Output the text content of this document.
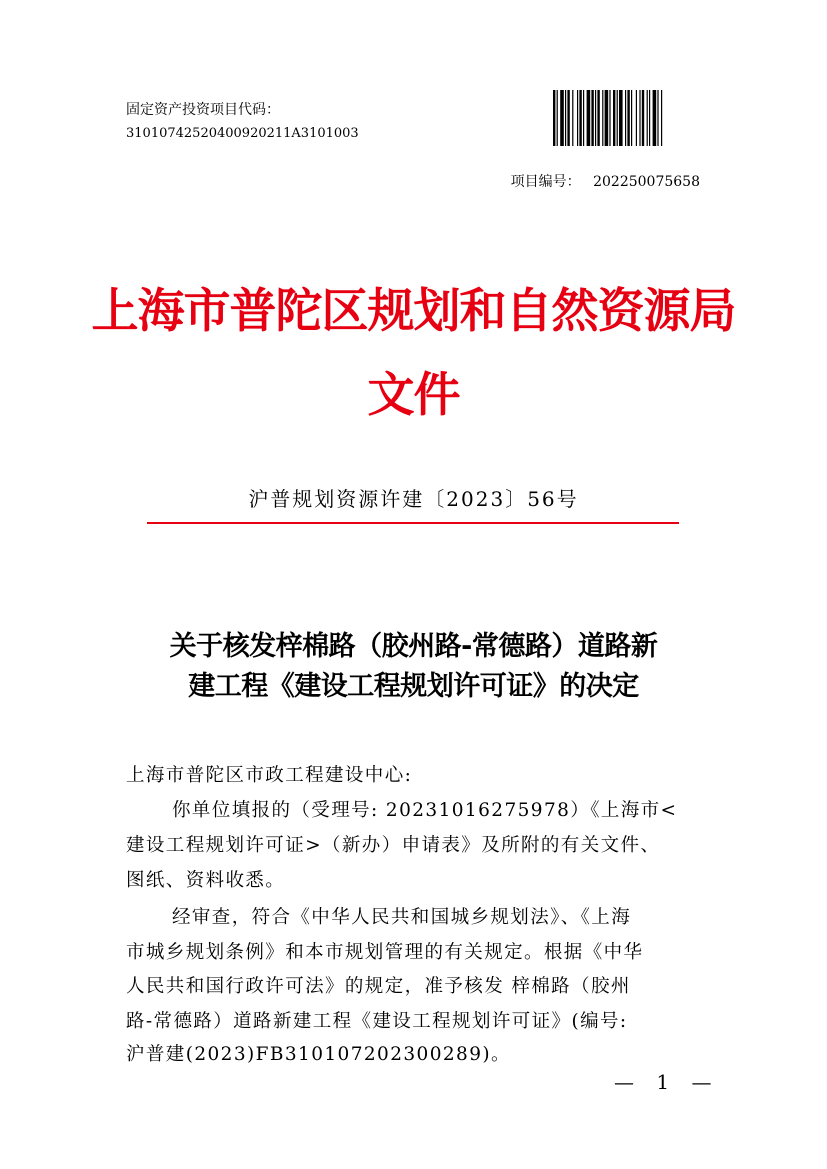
固定资产投资项目代码：
31010742520400920211A3101003
项目编号： 202250075658
上海市普陀区规划和自然资源局
文件
沪普规划资源许建〔2023〕56号
关于核发梓棉路（胶州路-常德路）道路新
建工程《建设工程规划许可证》的决定
上海市普陀区市政工程建设中心:
你单位填报的（受理号: 20231016275978）《上海市<
建设工程规划许可证>（新办）申请表》及所附的有关文件、
图纸、资料收悉。
经审查，符合《中华人民共和国城乡规划法》、《上海
市城乡规划条例》和本市规划管理的有关规定。根据《中华
人民共和国行政许可法》的规定，准予核发 梓棉路（胶州
路-常德路）道路新建工程《建设工程规划许可证》(编号:
沪普建(2023)FB310107202300289)。
— 1 —
